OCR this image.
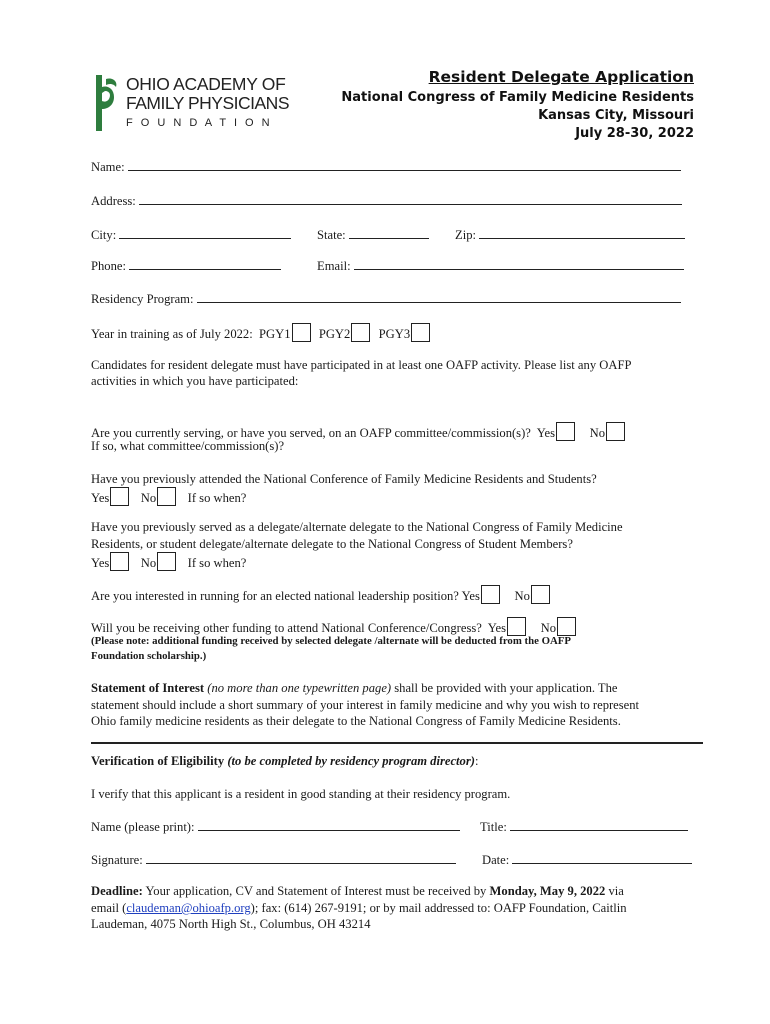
OHIO ACADEMY OF
FAMILY PHYSICIANS
F O U N D A T I O N
Resident Delegate Application
National Congress of Family Medicine Residents
Kansas City, Missouri
July 28-30, 2022
Name:
Address:
City:	State:	Zip:
Phone:	Email:
Residency Program:
Year in training as of July 2022: PGY1 PGY2 PGY3
Candidates for resident delegate must have participated in at least one OAFP activity. Please list any OAFP
activities in which you have participated:
Are you currently serving, or have you served, on an OAFP committee/commission(s)? Yes	No
If so, what committee/commission(s)?
Have you previously attended the National Conference of Family Medicine Residents and Students?
Yes No If so when?
Have you previously served as a delegate/alternate delegate to the National Congress of Family Medicine
Residents, or student delegate/alternate delegate to the National Congress of Student Members?
Yes No If so when?
Are you interested in running for an elected national leadership position? Yes	No
Will you be receiving other funding to attend National Conference/Congress? Yes	No
(Please note: additional funding received by selected delegate /alternate will be deducted from the OAFP
Foundation scholarship.)
Statement of Interest (no more than one typewritten page) shall be provided with your application. The
statement should include a short summary of your interest in family medicine and why you wish to represent
Ohio family medicine residents as their delegate to the National Congress of Family Medicine Residents.
Verification of Eligibility (to be completed by residency program director):
I verify that this applicant is a resident in good standing at their residency program.
Name (please print):	Title:
Signature:	Date:
Deadline: Your application, CV and Statement of Interest must be received by Monday, May 9, 2022 via
email (claudeman@ohioafp.org); fax: (614) 267-9191; or by mail addressed to: OAFP Foundation, Caitlin
Laudeman, 4075 North High St., Columbus, OH 43214
